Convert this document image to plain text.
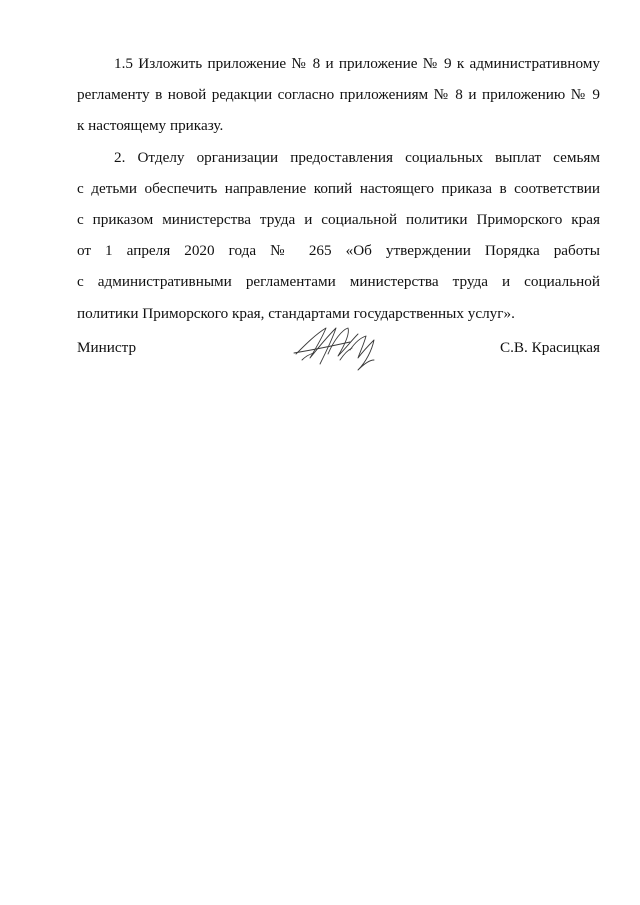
1.5 Изложить приложение № 8 и приложение № 9 к административному
регламенту в новой редакции согласно приложениям № 8 и приложению № 9
к настоящему приказу.

2. Отделу организации предоставления социальных выплат семьям
с детьми обеспечить направление копий настоящего приказа в соответствии
с приказом министерства труда и социальной политики Приморского края
от 1 апреля 2020 года № 265 «Об утверждении Порядка работы
с административными регламентами министерства труда и социальной
политики Приморского края, стандартами государственных услуг».

Министр	С.В. Красицкая
